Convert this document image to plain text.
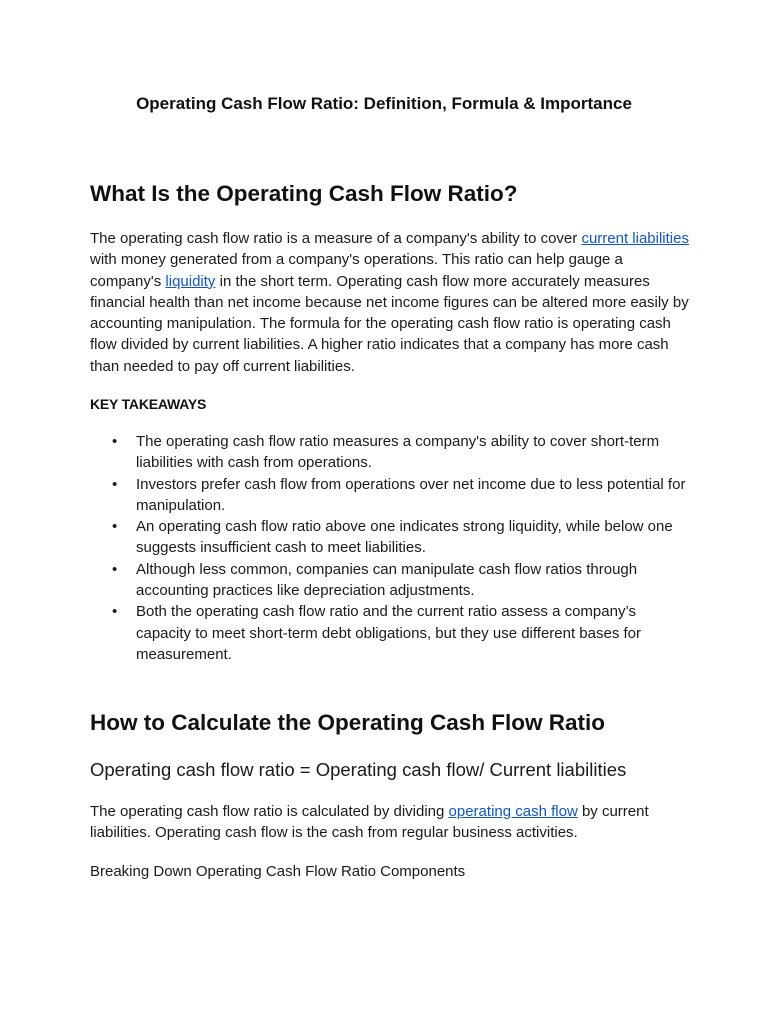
Operating Cash Flow Ratio: Definition, Formula & Importance
What Is the Operating Cash Flow Ratio?

The operating cash flow ratio is a measure of a company's ability to cover current liabilities with money generated from a company's operations. This ratio can help gauge a company's liquidity in the short term. Operating cash flow more accurately measures financial health than net income because net income figures can be altered more easily by accounting manipulation. The formula for the operating cash flow ratio is operating cash flow divided by current liabilities. A higher ratio indicates that a company has more cash than needed to pay off current liabilities.

KEY TAKEAWAYS

• The operating cash flow ratio measures a company's ability to cover short-term liabilities with cash from operations.
• Investors prefer cash flow from operations over net income due to less potential for manipulation.
• An operating cash flow ratio above one indicates strong liquidity, while below one suggests insufficient cash to meet liabilities.
• Although less common, companies can manipulate cash flow ratios through accounting practices like depreciation adjustments.
• Both the operating cash flow ratio and the current ratio assess a company’s capacity to meet short-term debt obligations, but they use different bases for measurement.
How to Calculate the Operating Cash Flow Ratio

Operating cash flow ratio = Operating cash flow/ Current liabilities

The operating cash flow ratio is calculated by dividing operating cash flow by current liabilities. Operating cash flow is the cash from regular business activities.

Breaking Down Operating Cash Flow Ratio Components
